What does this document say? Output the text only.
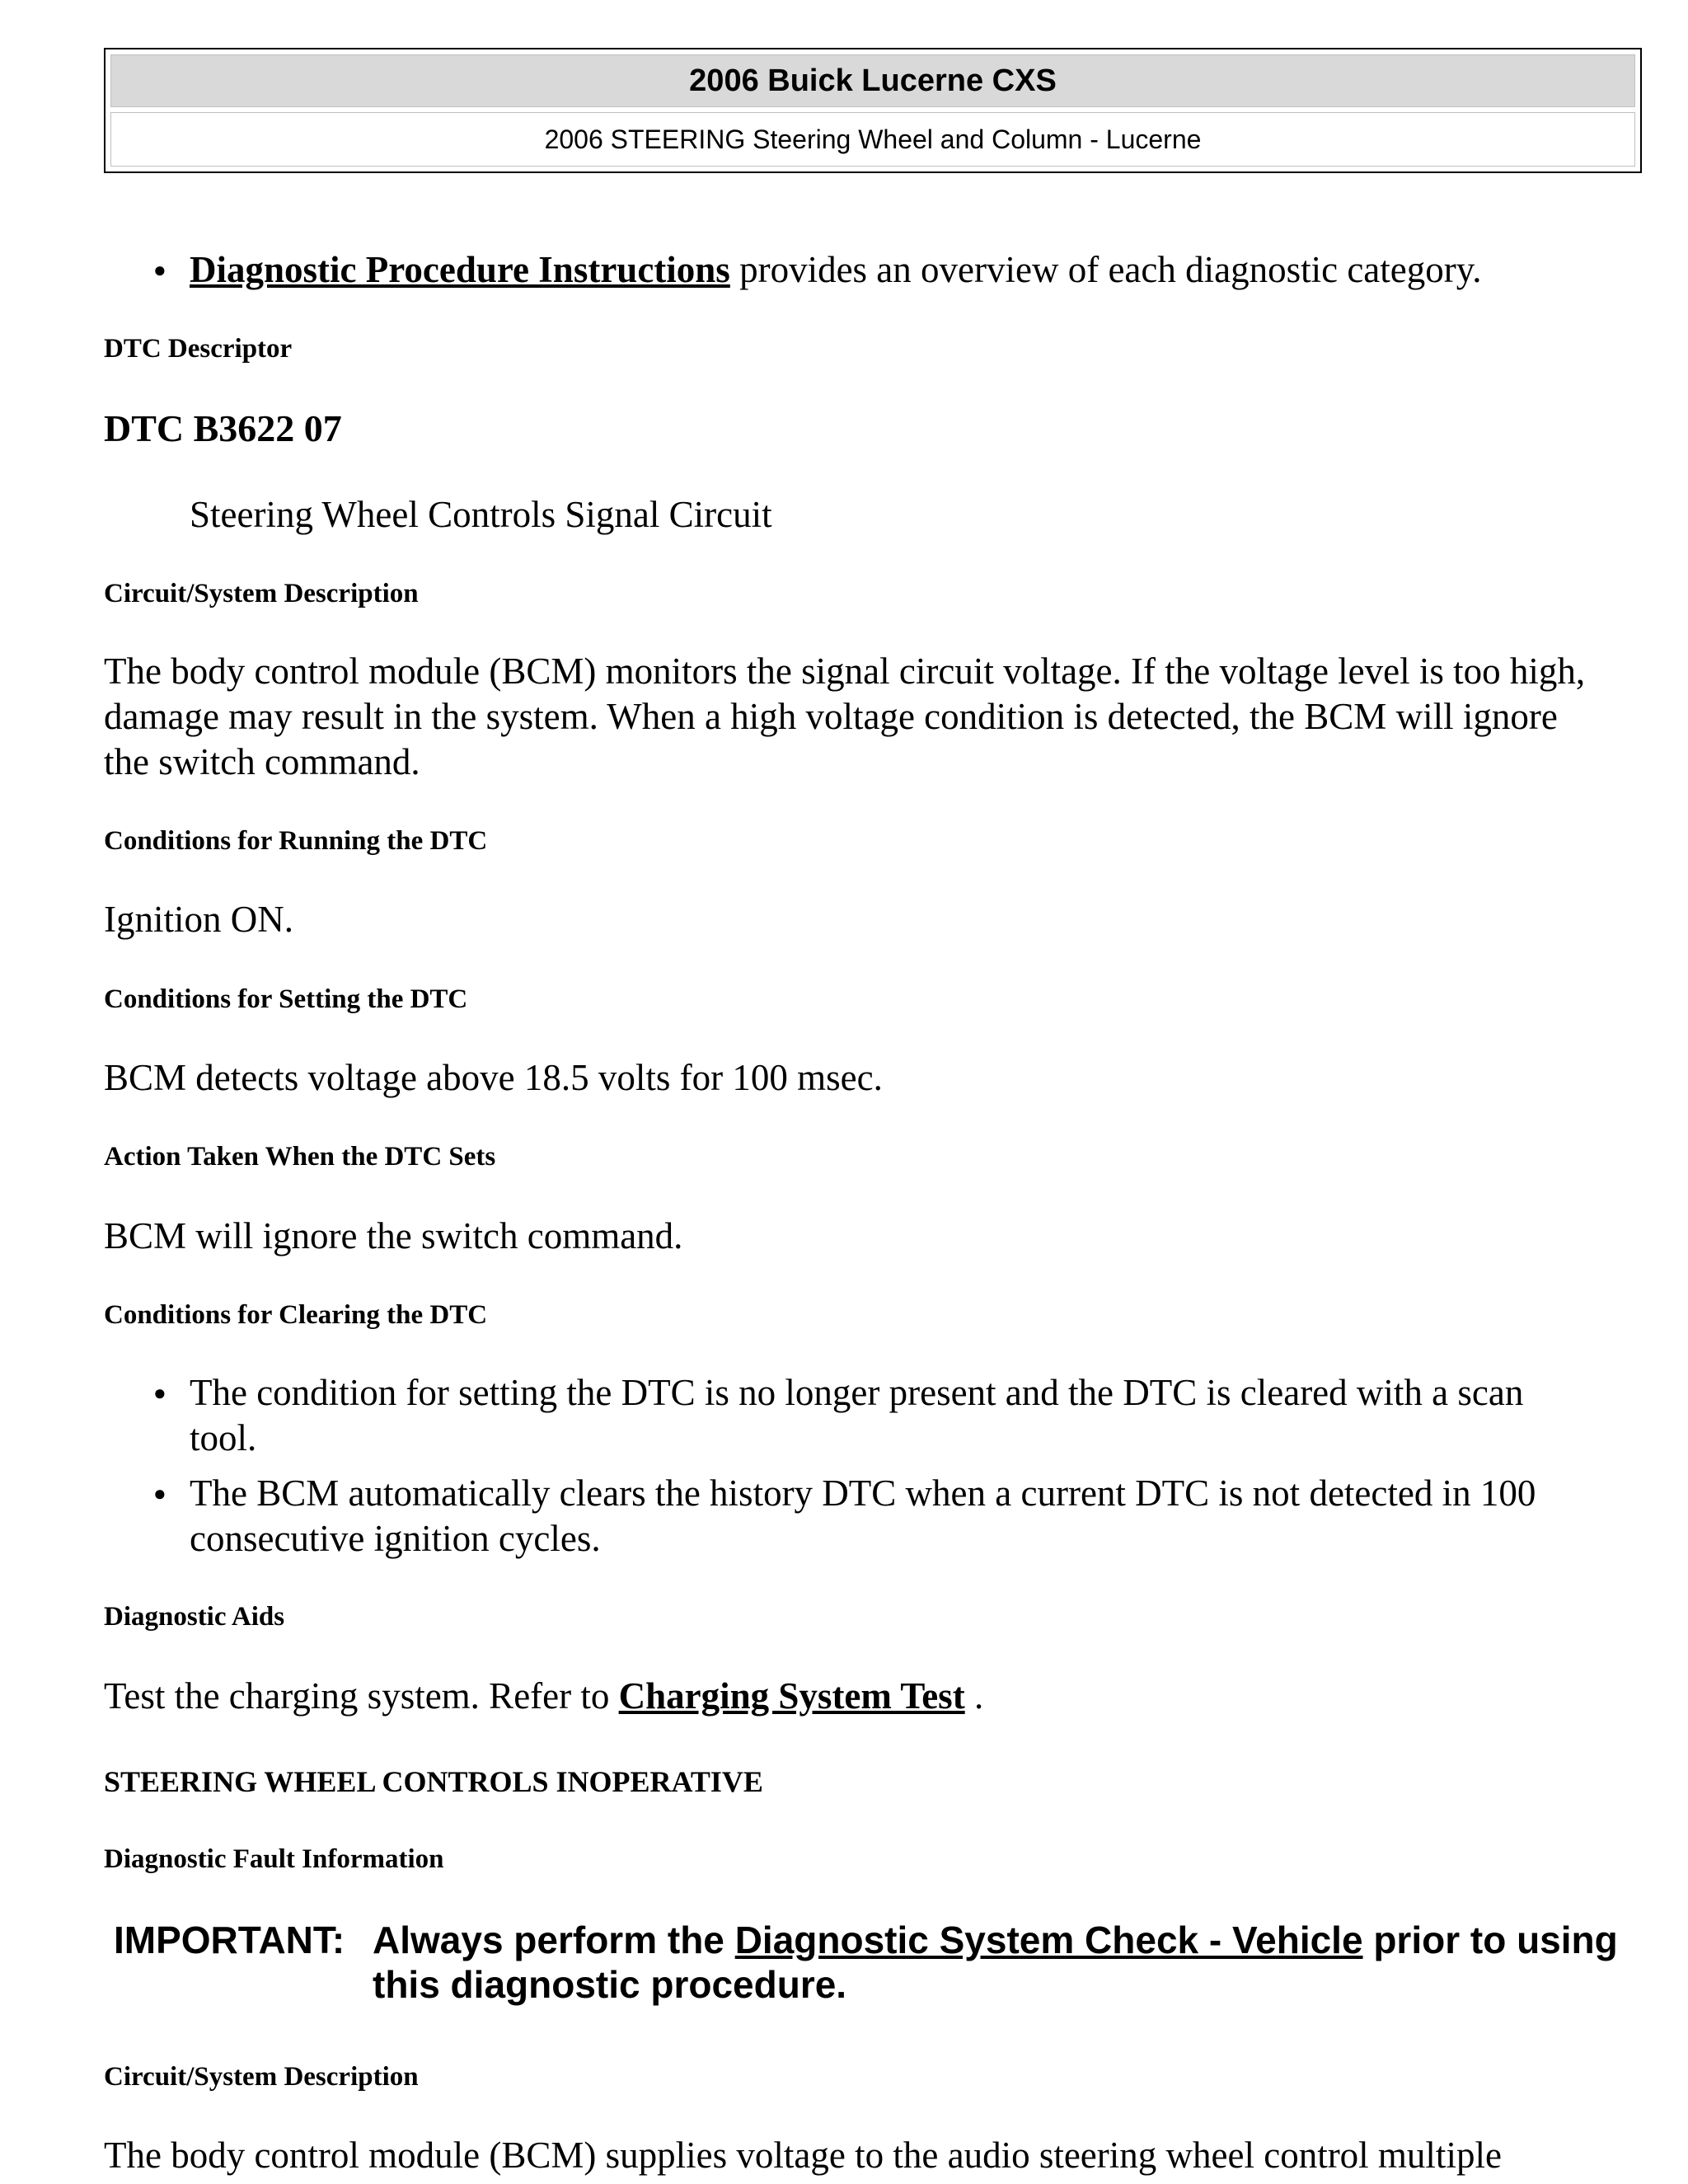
2006 Buick Lucerne CXS
2006 STEERING Steering Wheel and Column - Lucerne
● Diagnostic Procedure Instructions provides an overview of each diagnostic category.
DTC Descriptor
DTC B3622 07
Steering Wheel Controls Signal Circuit
Circuit/System Description
The body control module (BCM) monitors the signal circuit voltage. If the voltage level is too high, damage may result in the system. When a high voltage condition is detected, the BCM will ignore the switch command.
Conditions for Running the DTC
Ignition ON.
Conditions for Setting the DTC
BCM detects voltage above 18.5 volts for 100 msec.
Action Taken When the DTC Sets
BCM will ignore the switch command.
Conditions for Clearing the DTC
● The condition for setting the DTC is no longer present and the DTC is cleared with a scan tool.
● The BCM automatically clears the history DTC when a current DTC is not detected in 100 consecutive ignition cycles.
Diagnostic Aids
Test the charging system. Refer to Charging System Test .
STEERING WHEEL CONTROLS INOPERATIVE
Diagnostic Fault Information
IMPORTANT: Always perform the Diagnostic System Check - Vehicle prior to using this diagnostic procedure.
Circuit/System Description
The body control module (BCM) supplies voltage to the audio steering wheel control multiple
